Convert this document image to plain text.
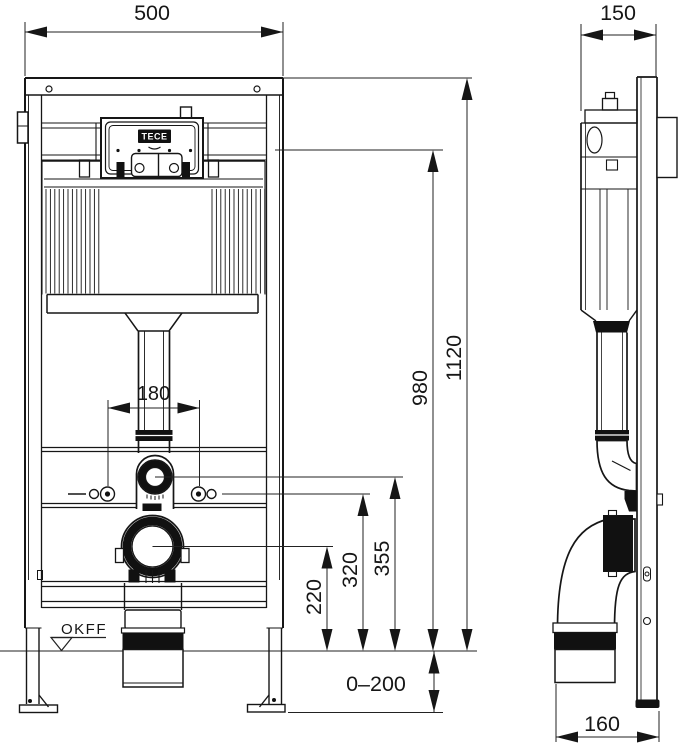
TECE
OKFF
500	150
1120
980
355
320
220
180
0–200
160
